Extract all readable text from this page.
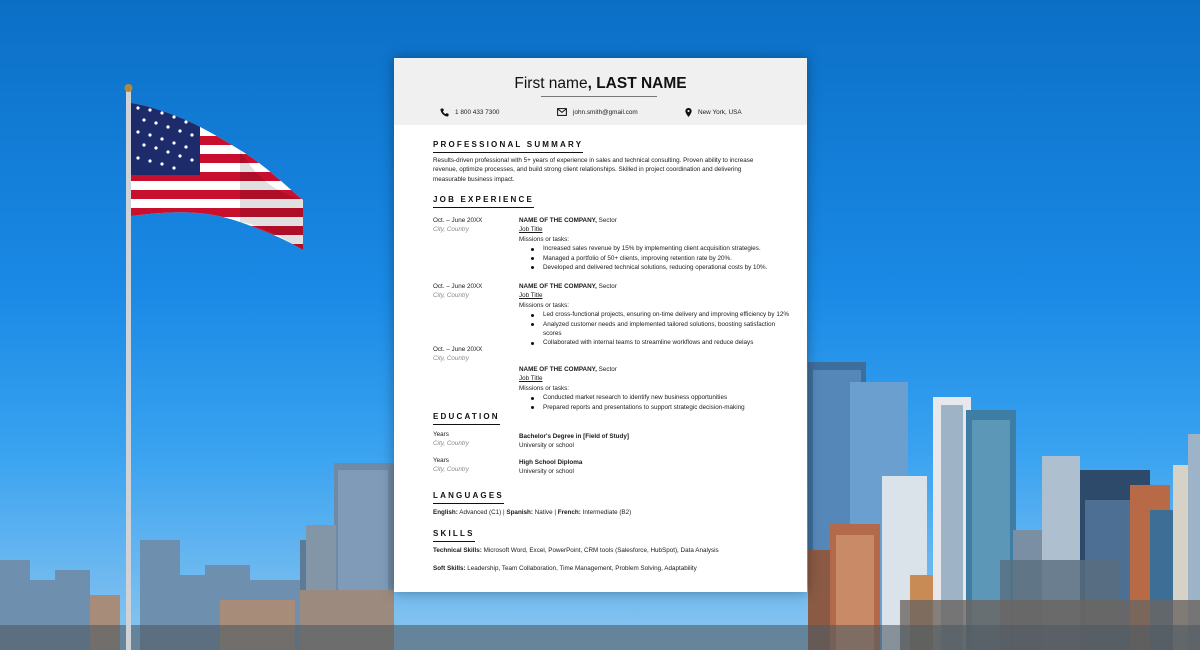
First name, LAST NAME
1 800 433 7300	john.smith@gmail.com	New York, USA
PROFESSIONAL SUMMARY
Results-driven professional with 5+ years of experience in sales and technical consulting. Proven ability to increase revenue, optimize processes, and build strong client relationships. Skilled in project coordination and delivering measurable business impact.
JOB EXPERIENCE
Oct. – June 20XX
City, Country
NAME OF THE COMPANY, Sector
Job Title
Missions or tasks:
Increased sales revenue by 15% by implementing client acquisition strategies.
Managed a portfolio of 50+ clients, improving retention rate by 20%.
Developed and delivered technical solutions, reducing operational costs by 10%.
Oct. – June 20XX
City, Country
NAME OF THE COMPANY, Sector
Job Title
Missions or tasks:
Led cross-functional projects, ensuring on-time delivery and improving efficiency by 12%
Analyzed customer needs and implemented tailored solutions, boosting satisfaction scores
Collaborated with internal teams to streamline workflows and reduce delays
Oct. – June 20XX
City, Country
NAME OF THE COMPANY, Sector
Job Title
Missions or tasks:
Conducted market research to identify new business opportunities
Prepared reports and presentations to support strategic decision-making
EDUCATION
Years
City, Country
Bachelor's Degree in [Field of Study]
University or school
Years
City, Country
High School Diploma
University or school
LANGUAGES
English: Advanced (C1) | Spanish: Native | French: Intermediate (B2)
SKILLS
Technical Skills: Microsoft Word, Excel, PowerPoint, CRM tools (Salesforce, HubSpot), Data Analysis
Soft Skills: Leadership, Team Collaboration, Time Management, Problem Solving, Adaptability
